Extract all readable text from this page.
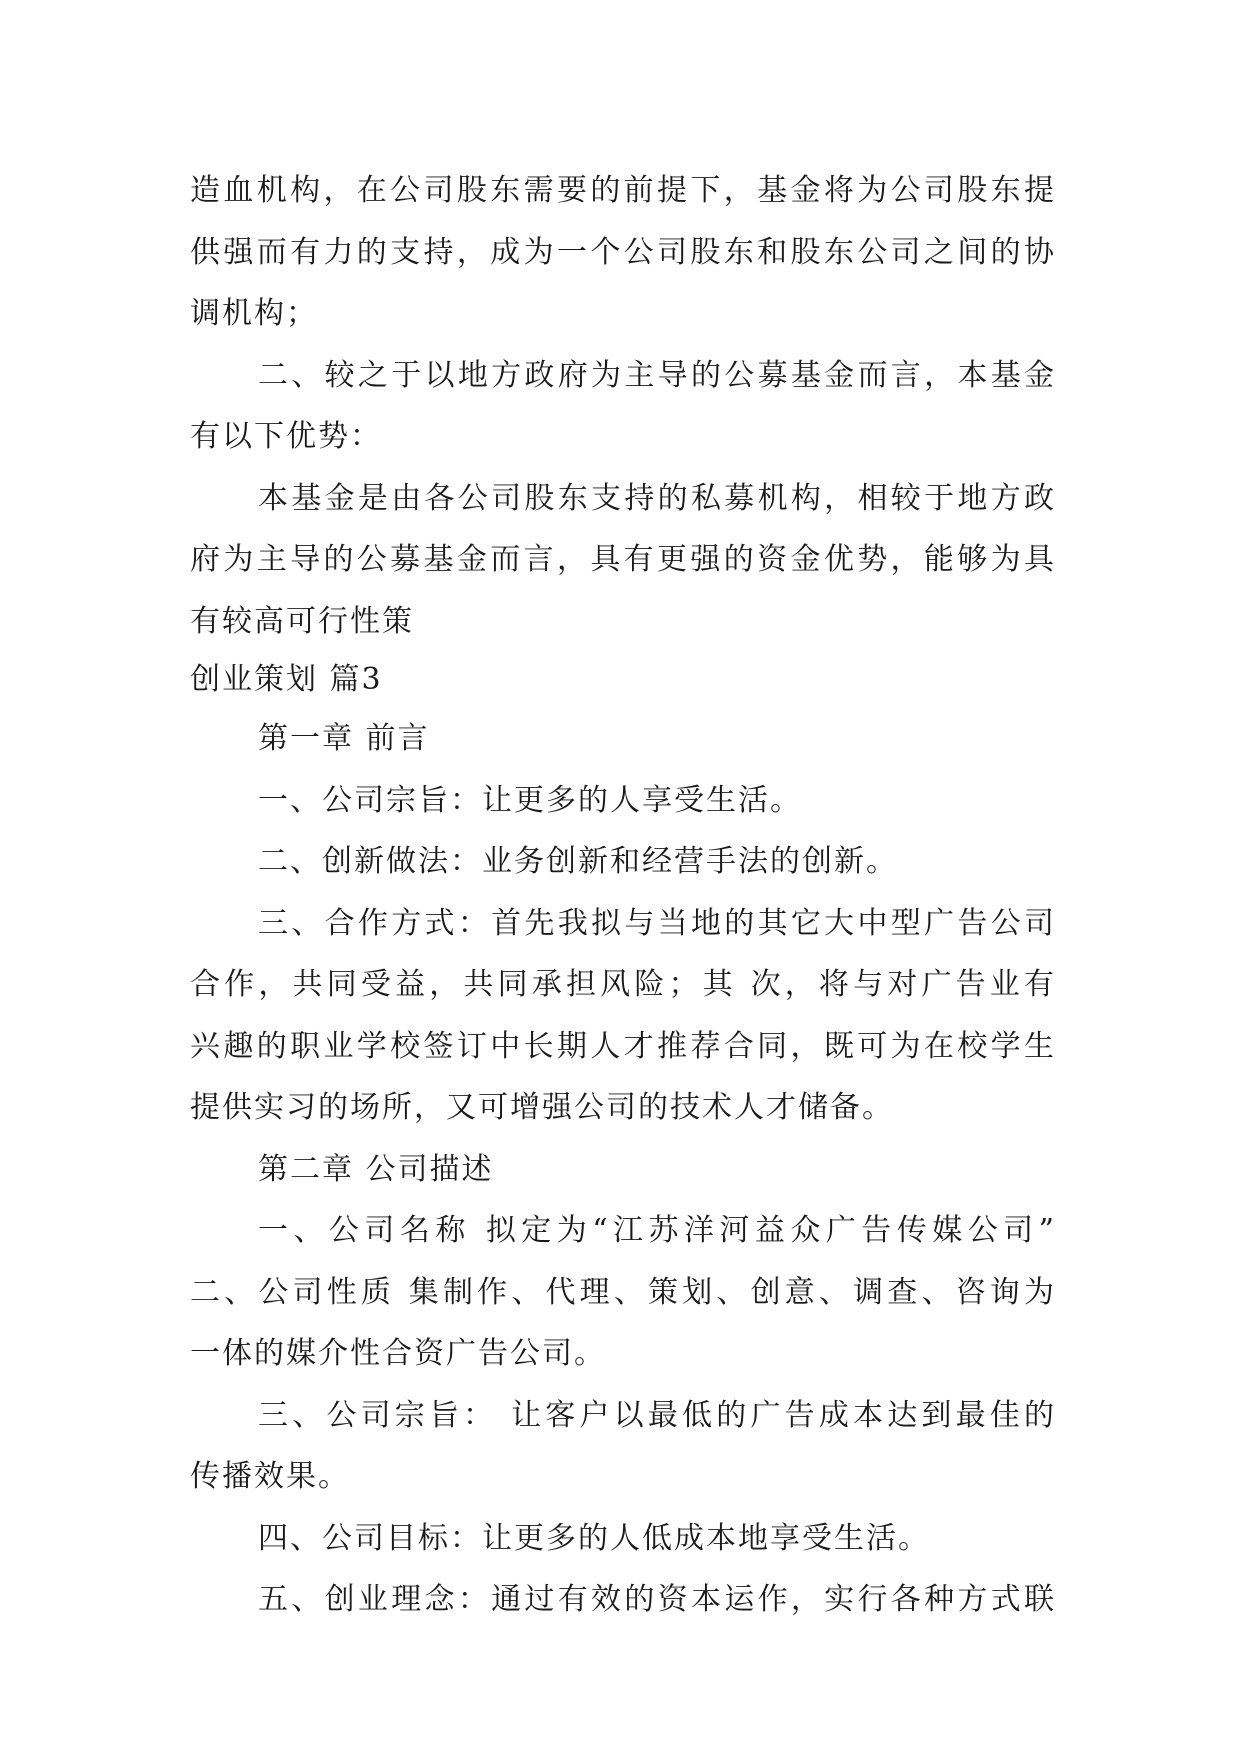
造血机构，在公司股东需要的前提下，基金将为公司股东提

供强而有力的支持，成为一个公司股东和股东公司之间的协

调机构；

二、较之于以地方政府为主导的公募基金而言，本基金

有以下优势：

本基金是由各公司股东支持的私募机构，相较于地方政

府为主导的公募基金而言，具有更强的资金优势，能够为具

有较高可行性策

创业策划 篇3

第一章 前言

一、公司宗旨：让更多的人享受生活。

二、创新做法：业务创新和经营手法的创新。

三、合作方式：首先我拟与当地的其它大中型广告公司

合作，共同受益，共同承担风险；其 次，将与对广告业有

兴趣的职业学校签订中长期人才推荐合同，既可为在校学生

提供实习的场所，又可增强公司的技术人才储备。

第二章 公司描述

一、公司名称 拟定为“江苏洋河益众广告传媒公司”

二、公司性质 集制作、代理、策划、创意、调查、咨询为

一体的媒介性合资广告公司。

三、公司宗旨： 让客户以最低的广告成本达到最佳的

传播效果。

四、公司目标：让更多的人低成本地享受生活。

五、创业理念：通过有效的资本运作，实行各种方式联
